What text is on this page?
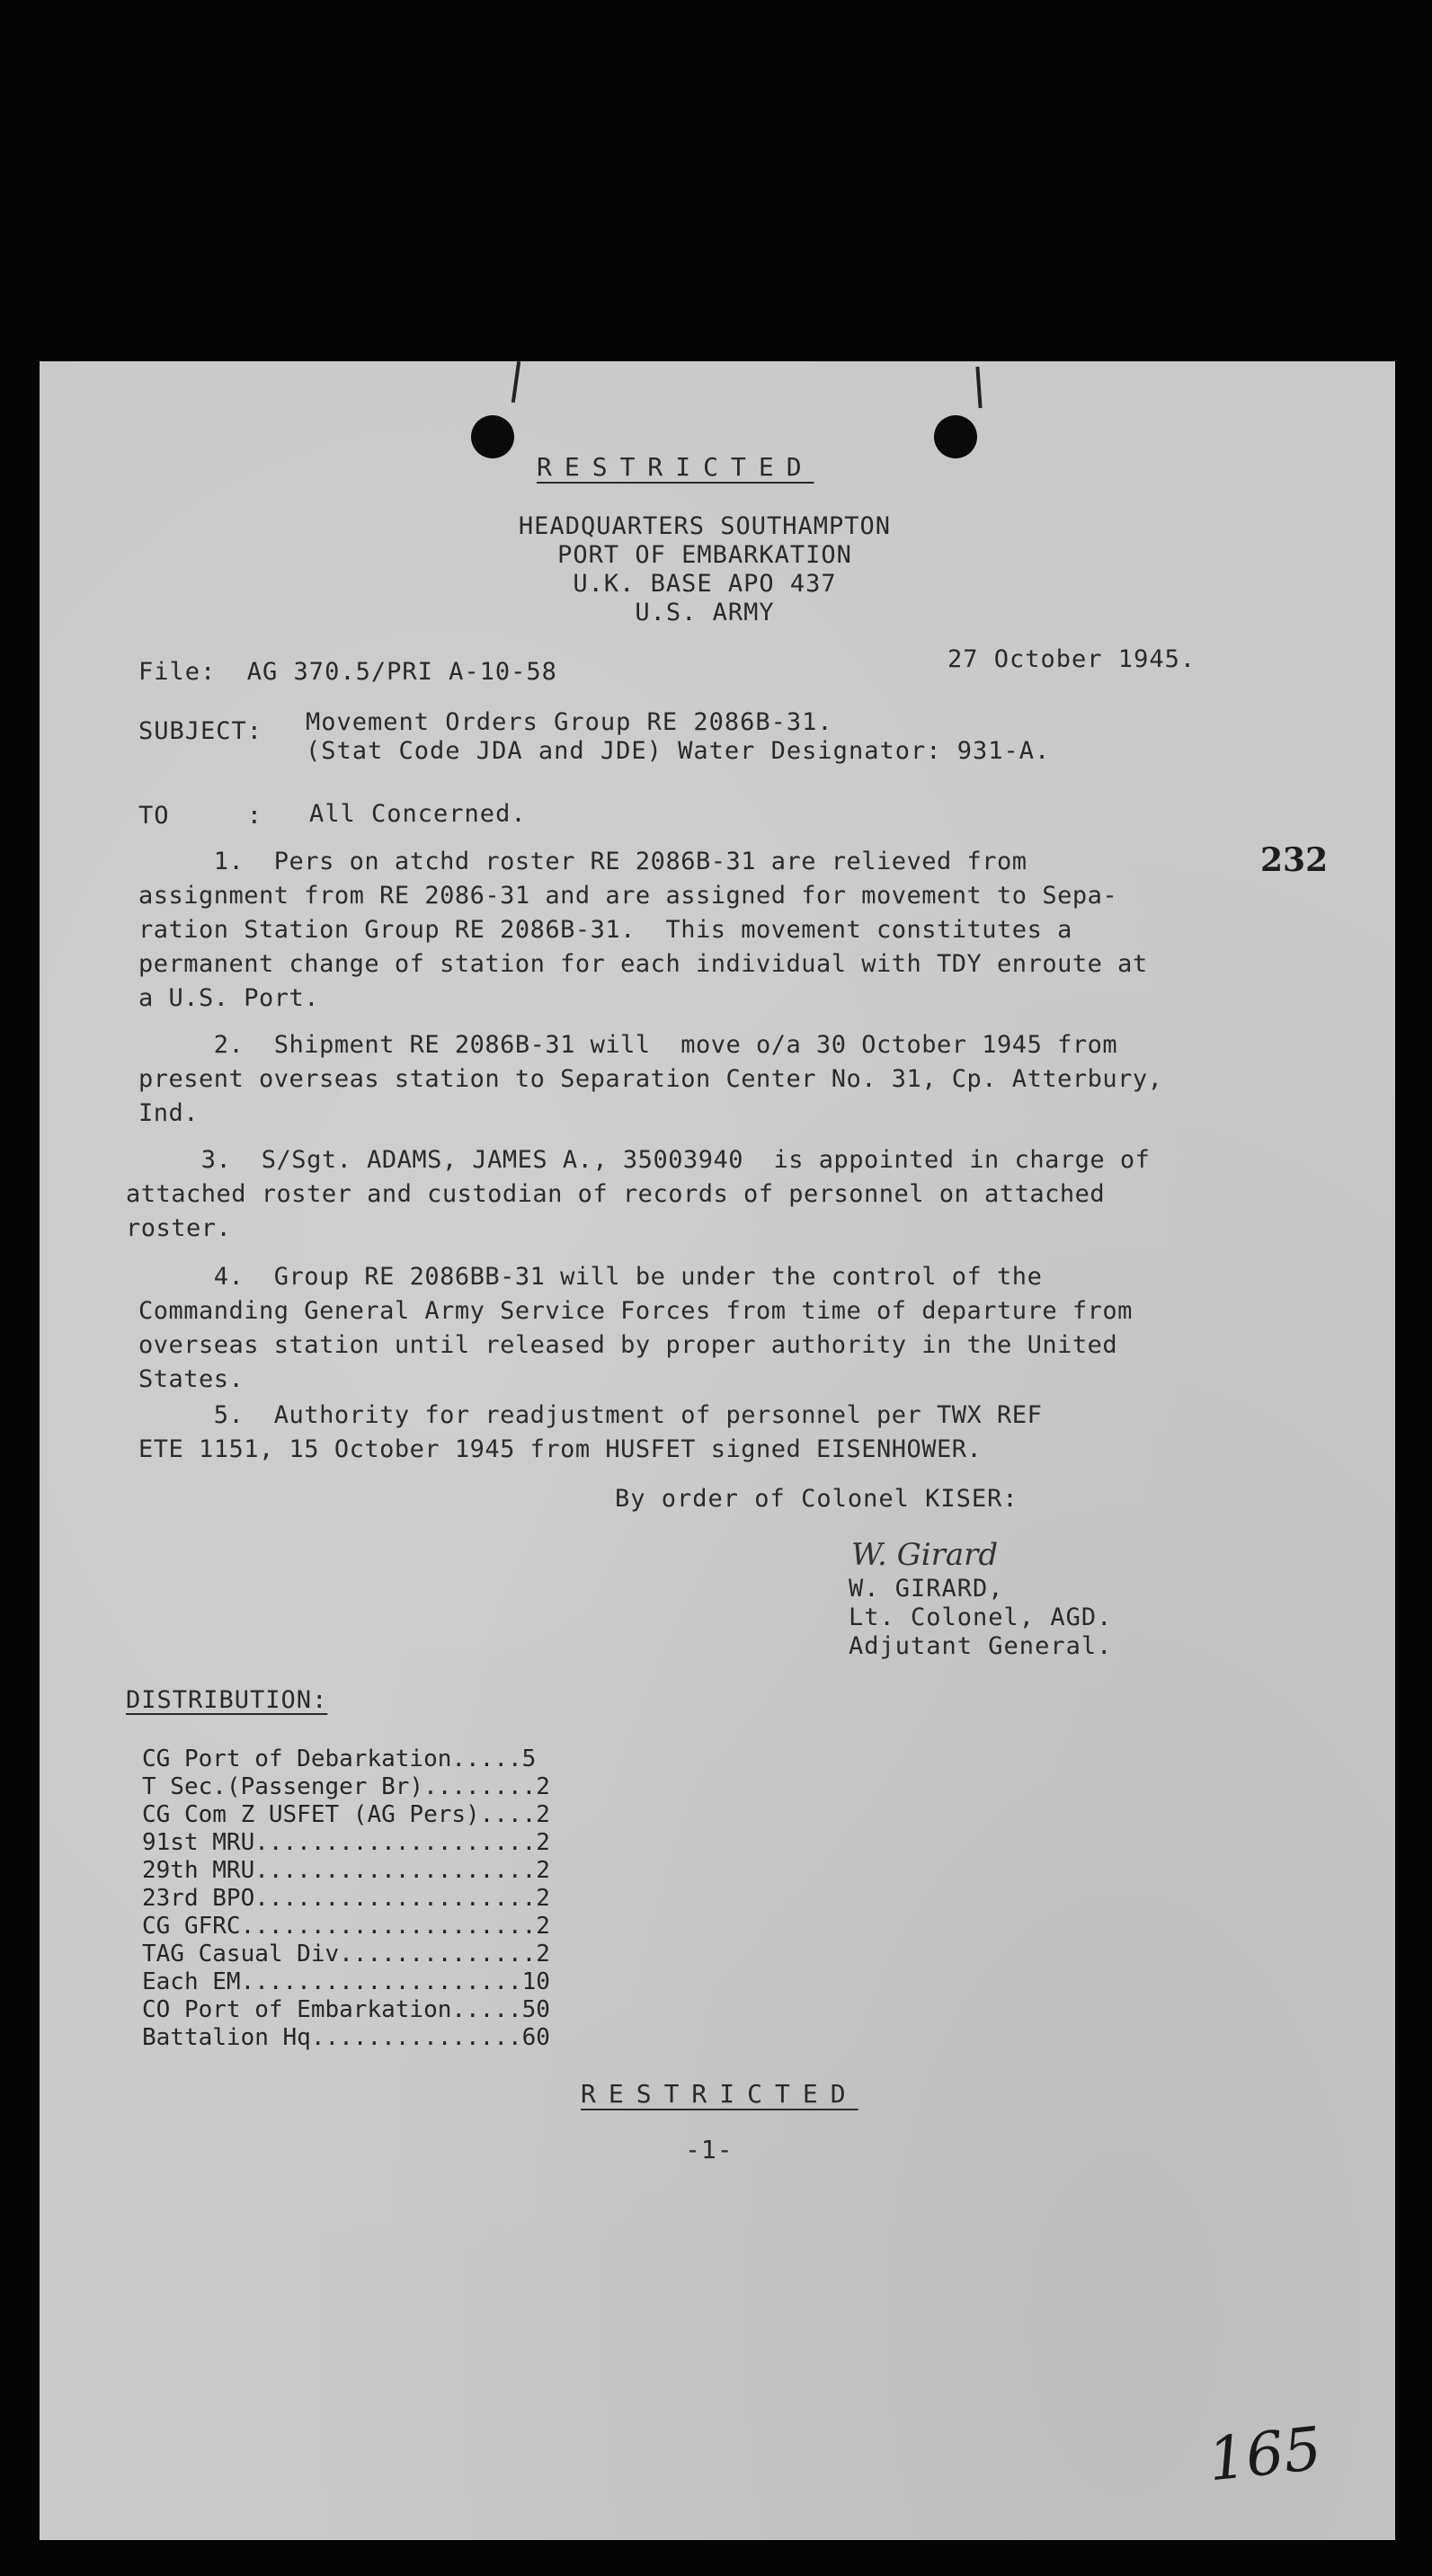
RESTRICTED
HEADQUARTERS SOUTHAMPTON
PORT OF EMBARKATION
U.K. BASE APO 437
U.S. ARMY
File:  AG 370.5/PRI A-10-58	27 October 1945.
SUBJECT: Movement Orders Group RE 2086B-31.
(Stat Code JDA and JDE) Water Designator: 931-A.
TO     : All Concerned.
232
1.  Pers on atchd roster RE 2086B-31 are relieved from
assignment from RE 2086-31 and are assigned for movement to Sepa-
ration Station Group RE 2086B-31.  This movement constitutes a
permanent change of station for each individual with TDY enroute at
a U.S. Port.
2.  Shipment RE 2086B-31 will  move o/a 30 October 1945 from
present overseas station to Separation Center No. 31, Cp. Atterbury,
Ind.
3.  S/Sgt. ADAMS, JAMES A., 35003940  is appointed in charge of
attached roster and custodian of records of personnel on attached
roster.
4.  Group RE 2086BB-31 will be under the control of the
Commanding General Army Service Forces from time of departure from
overseas station until released by proper authority in the United
States.
5.  Authority for readjustment of personnel per TWX REF
ETE 1151, 15 October 1945 from HUSFET signed EISENHOWER.
By order of Colonel KISER:
W. Girard
W. GIRARD,
Lt. Colonel, AGD.
Adjutant General.
DISTRIBUTION:
CG Port of Debarkation.....5
T Sec.(Passenger Br)........2
CG Com Z USFET (AG Pers)....2
91st MRU....................2
29th MRU....................2
23rd BPO....................2
CG GFRC.....................2
TAG Casual Div..............2
Each EM....................10
CO Port of Embarkation.....50
Battalion Hq...............60
RESTRICTED
-1-
165
